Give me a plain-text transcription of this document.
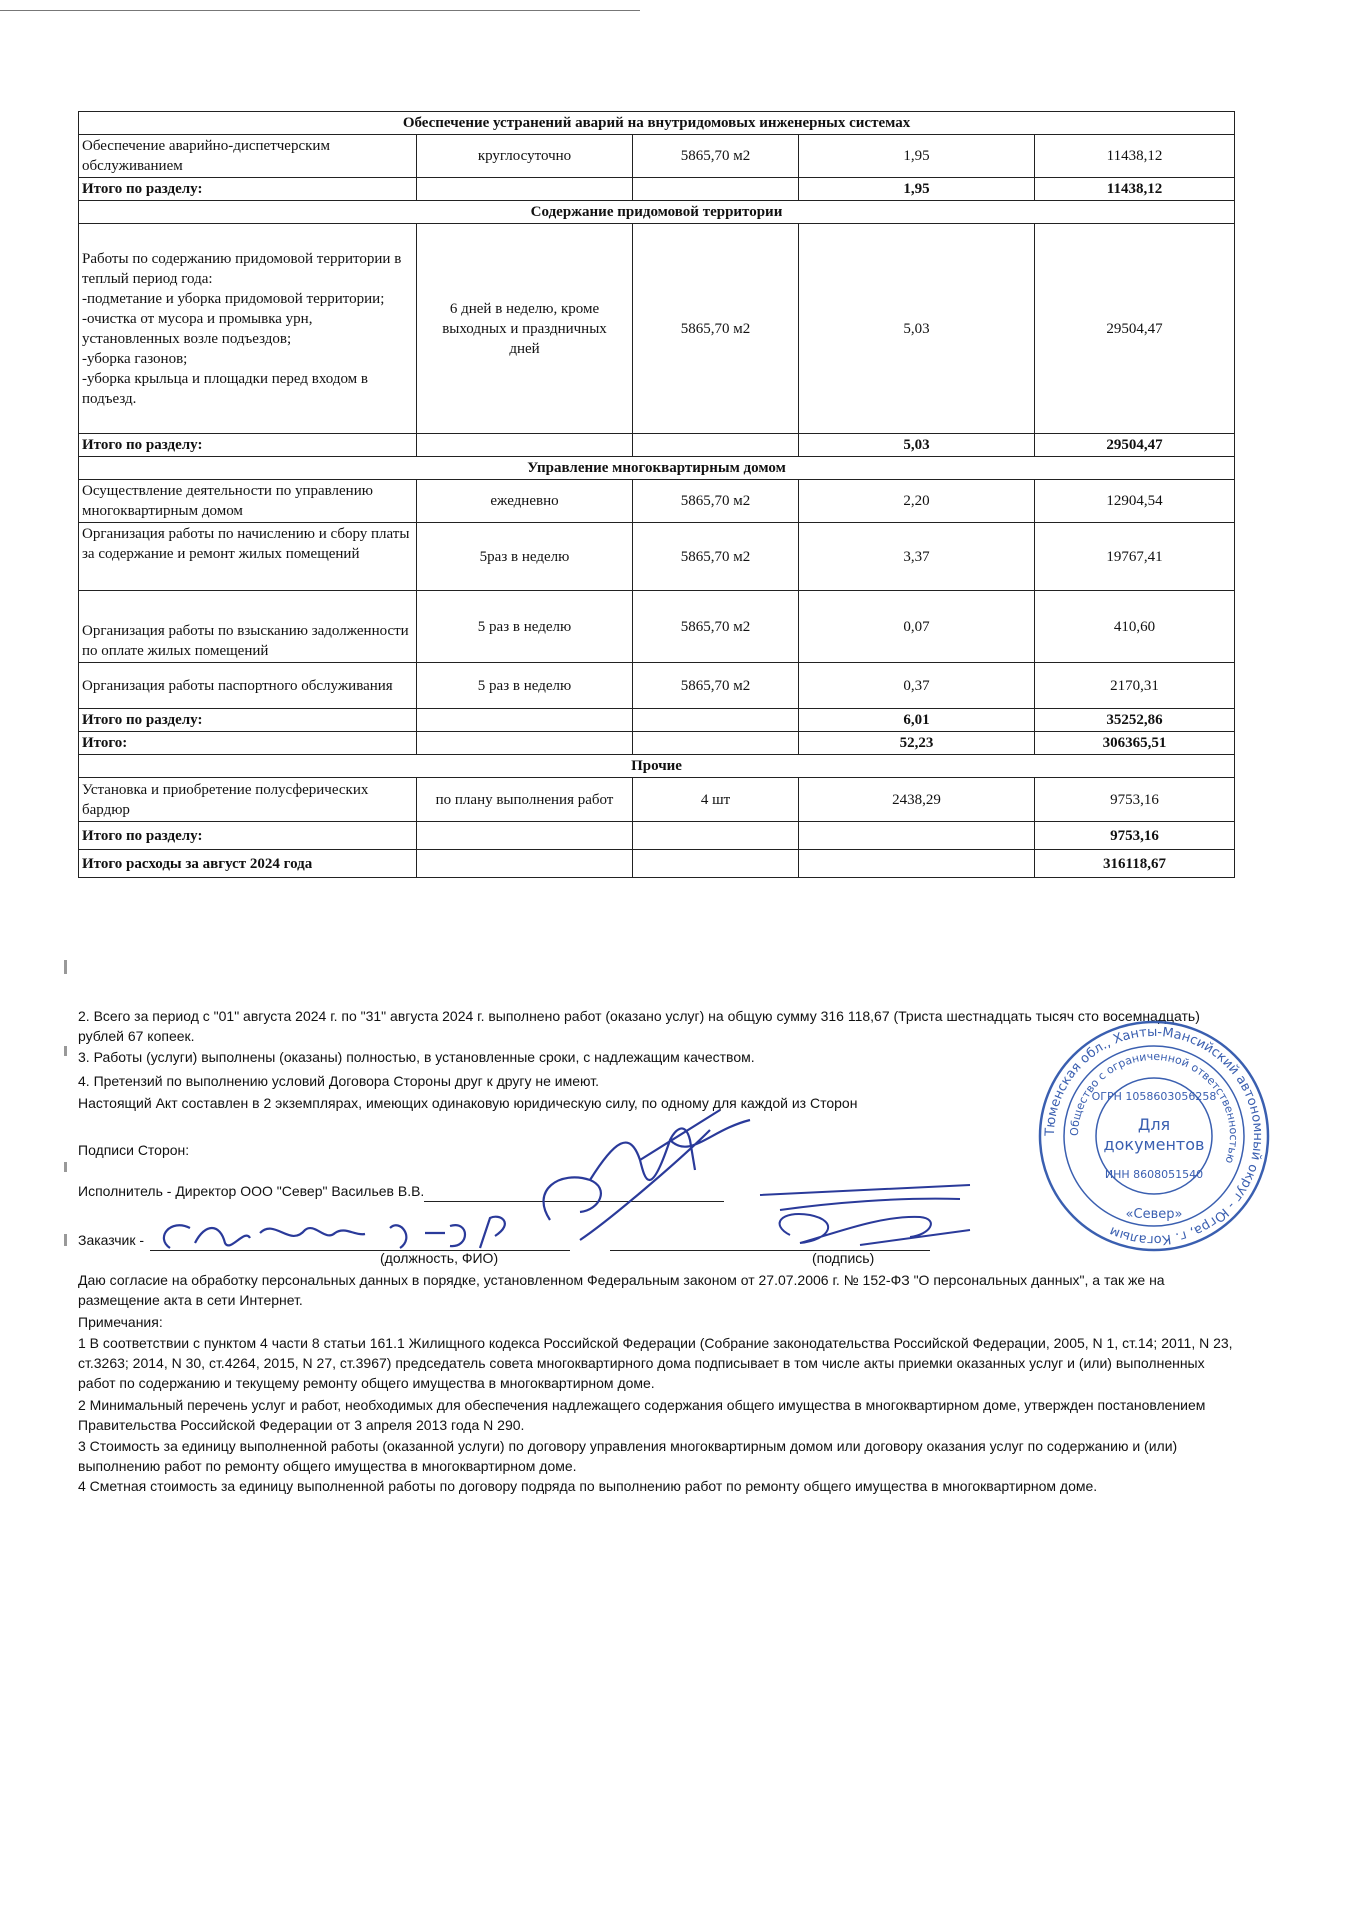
Обеспечение устранений аварий на внутридомовых инженерных системах				
Обеспечение аварийно-диспетчерским обслуживанием	круглосуточно	5865,70 м2	1,95	11438,12
Итого по разделу:			1,95	11438,12
Содержание придомовой территории				

Работы по содержанию придомовой территории в теплый период года:
-подметание и уборка придомовой территории;
-очистка от мусора и промывка урн, установленных возле подъездов;
-уборка газонов;
-уборка крыльца и площадки перед входом в подъезд.	6 дней в неделю, кроме выходных и праздничных дней	5865,70 м2	5,03	29504,47
Итого по разделу:			5,03	29504,47
Управление многоквартирным домом				
Осуществление деятельности по управлению многоквартирным домом	ежедневно	5865,70 м2	2,20	12904,54
Организация работы по начислению и сбору платы за содержание и ремонт жилых помещений	5раз в неделю	5865,70 м2	3,37	19767,41
Организация работы по взысканию задолженности по оплате жилых помещений	5 раз в неделю	5865,70 м2	0,07	410,60
Организация работы паспортного обслуживания	5 раз в неделю	5865,70 м2	0,37	2170,31
Итого по разделу:			6,01	35252,86
Итого:			52,23	306365,51
Прочие				
Установка и приобретение полусферических бардюр	по плану выполнения работ	4 шт	2438,29	9753,16
Итого по разделу:				9753,16
Итого расходы за август 2024 года				316118,67
2. Всего за период с "01" августа 2024 г. по "31" августа 2024 г. выполнено работ (оказано услуг) на общую сумму 316 118,67 (Триста шестнадцать тысяч сто восемнадцать) рублей 67 копеек.
3. Работы (услуги) выполнены (оказаны) полностью, в установленные сроки, с надлежащим качеством.
4. Претензий по выполнению условий Договора Стороны друг к другу не имеют.
Настоящий Акт составлен в 2 экземплярах, имеющих одинаковую юридическую силу, по одному для каждой из Сторон
Подписи Сторон:
Исполнитель - Директор ООО "Север" Васильев В.В.
Заказчик -
(должность, ФИО)	(подпись)
Даю согласие на обработку персональных данных в порядке, установленном Федеральным законом от 27.07.2006 г. № 152-ФЗ "О персональных данных", а так же на размещение акта в сети Интернет.
Примечания:
1 В соответствии с пунктом 4 части 8 статьи 161.1 Жилищного кодекса Российской Федерации (Собрание законодательства Российской Федерации, 2005, N 1, ст.14; 2011, N 23, ст.3263; 2014, N 30, ст.4264, 2015, N 27, ст.3967) председатель совета многоквартирного дома подписывает в том числе акты приемки оказанных услуг и (или) выполненных работ по содержанию и текущему ремонту общего имущества в многоквартирном доме.
2 Минимальный перечень услуг и работ, необходимых для обеспечения надлежащего содержания общего имущества в многоквартирном доме, утвержден постановлением Правительства Российской Федерации от 3 апреля 2013 года N 290.
3 Стоимость за единицу выполненной работы (оказанной услуги) по договору управления многоквартирным домом или договору оказания услуг по содержанию и (или) выполнению работ по ремонту общего имущества в многоквартирном доме.
4 Сметная стоимость за единицу выполненной работы по договору подряда по выполнению работ по ремонту общего имущества в многоквартирном доме.
Тюменская обл., Ханты-Мансийский автономный округ - Югра, г. Когалым
Общество с ограниченной ответственностью
ОГРН 1058603056258
Для
документов
ИНН 8608051540
«Север»
